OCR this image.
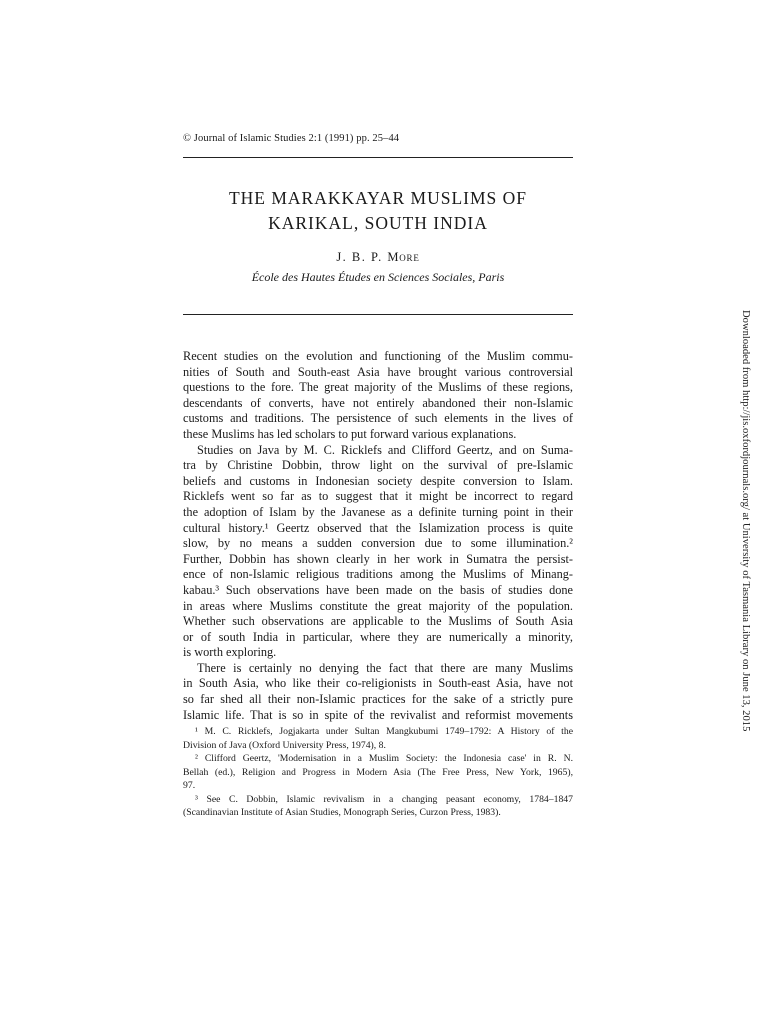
© Journal of Islamic Studies 2:1 (1991) pp. 25–44
THE MARAKKAYAR MUSLIMS OF
KARIKAL, SOUTH INDIA
J. B. P. More
École des Hautes Études en Sciences Sociales, Paris
Recent studies on the evolution and functioning of the Muslim commu-
nities of South and South-east Asia have brought various controversial
questions to the fore. The great majority of the Muslims of these regions,
descendants of converts, have not entirely abandoned their non-Islamic
customs and traditions. The persistence of such elements in the lives of
these Muslims has led scholars to put forward various explanations.
Studies on Java by M. C. Ricklefs and Clifford Geertz, and on Suma-
tra by Christine Dobbin, throw light on the survival of pre-Islamic
beliefs and customs in Indonesian society despite conversion to Islam.
Ricklefs went so far as to suggest that it might be incorrect to regard
the adoption of Islam by the Javanese as a definite turning point in their
cultural history.¹ Geertz observed that the Islamization process is quite
slow, by no means a sudden conversion due to some illumination.²
Further, Dobbin has shown clearly in her work in Sumatra the persist-
ence of non-Islamic religious traditions among the Muslims of Minang-
kabau.³ Such observations have been made on the basis of studies done
in areas where Muslims constitute the great majority of the population.
Whether such observations are applicable to the Muslims of South Asia
or of south India in particular, where they are numerically a minority,
is worth exploring.
There is certainly no denying the fact that there are many Muslims
in South Asia, who like their co-religionists in South-east Asia, have not
so far shed all their non-Islamic practices for the sake of a strictly pure
Islamic life. That is so in spite of the revivalist and reformist movements
¹ M. C. Ricklefs, Jogjakarta under Sultan Mangkubumi 1749–1792: A History of the
Division of Java (Oxford University Press, 1974), 8.
² Clifford Geertz, 'Modernisation in a Muslim Society: the Indonesia case' in R. N.
Bellah (ed.), Religion and Progress in Modern Asia (The Free Press, New York, 1965),
97.
³ See C. Dobbin, Islamic revivalism in a changing peasant economy, 1784–1847
(Scandinavian Institute of Asian Studies, Monograph Series, Curzon Press, 1983).
Downloaded from http://jis.oxfordjournals.org/ at University of Tasmania Library on June 13, 2015
